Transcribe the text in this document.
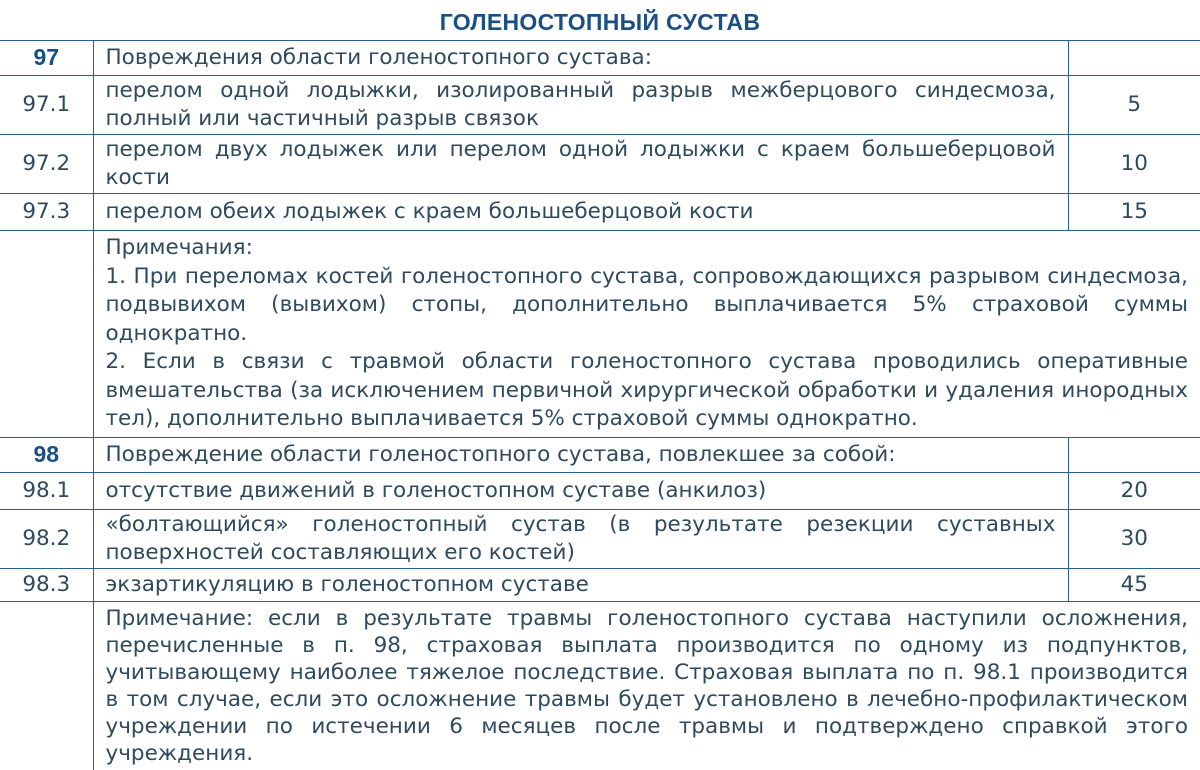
ГОЛЕНОСТОПНЫЙ СУСТАВ
97	Повреждения области голеностопного сустава:	
97.1	перелом одной лодыжки, изолированный разрыв межберцового синдесмоза, полный или частичный разрыв связок	5
97.2	перелом двух лодыжек или перелом одной лодыжки с краем большеберцовой кости	10
97.3	перелом обеих лодыжек с краем большеберцовой кости	15

	Примечания:
1. При переломах костей голеностопного сустава, сопровождающихся разрывом синдесмоза, подвывихом (вывихом) стопы, дополнительно выплачивается 5% страховой суммы однократно.
2. Если в связи с травмой области голеностопного сустава проводились оперативные вмешательства (за исключением первичной хирургической обработки и удаления инородных тел), дополнительно выплачивается 5% страховой суммы однократно.	

98	Повреждение области голеностопного сустава, повлекшее за собой:	
98.1	отсутствие движений в голеностопном суставе (анкилоз)	20
98.2	«болтающийся» голеностопный сустав (в результате резекции суставных поверхностей составляющих его костей)	30
98.3	экзартикуляцию в голеностопном суставе	45
	Примечание: если в результате травмы голеностопного сустава наступили осложнения, перечисленные в п. 98, страховая выплата производится по одному из подпунктов, учитывающему наиболее тяжелое последствие. Страховая выплата по п. 98.1 производится в том случае, если это осложнение травмы будет установлено в лечебно-профилактическом учреждении по истечении 6 месяцев после травмы и подтверждено справкой этого учреждения.	
